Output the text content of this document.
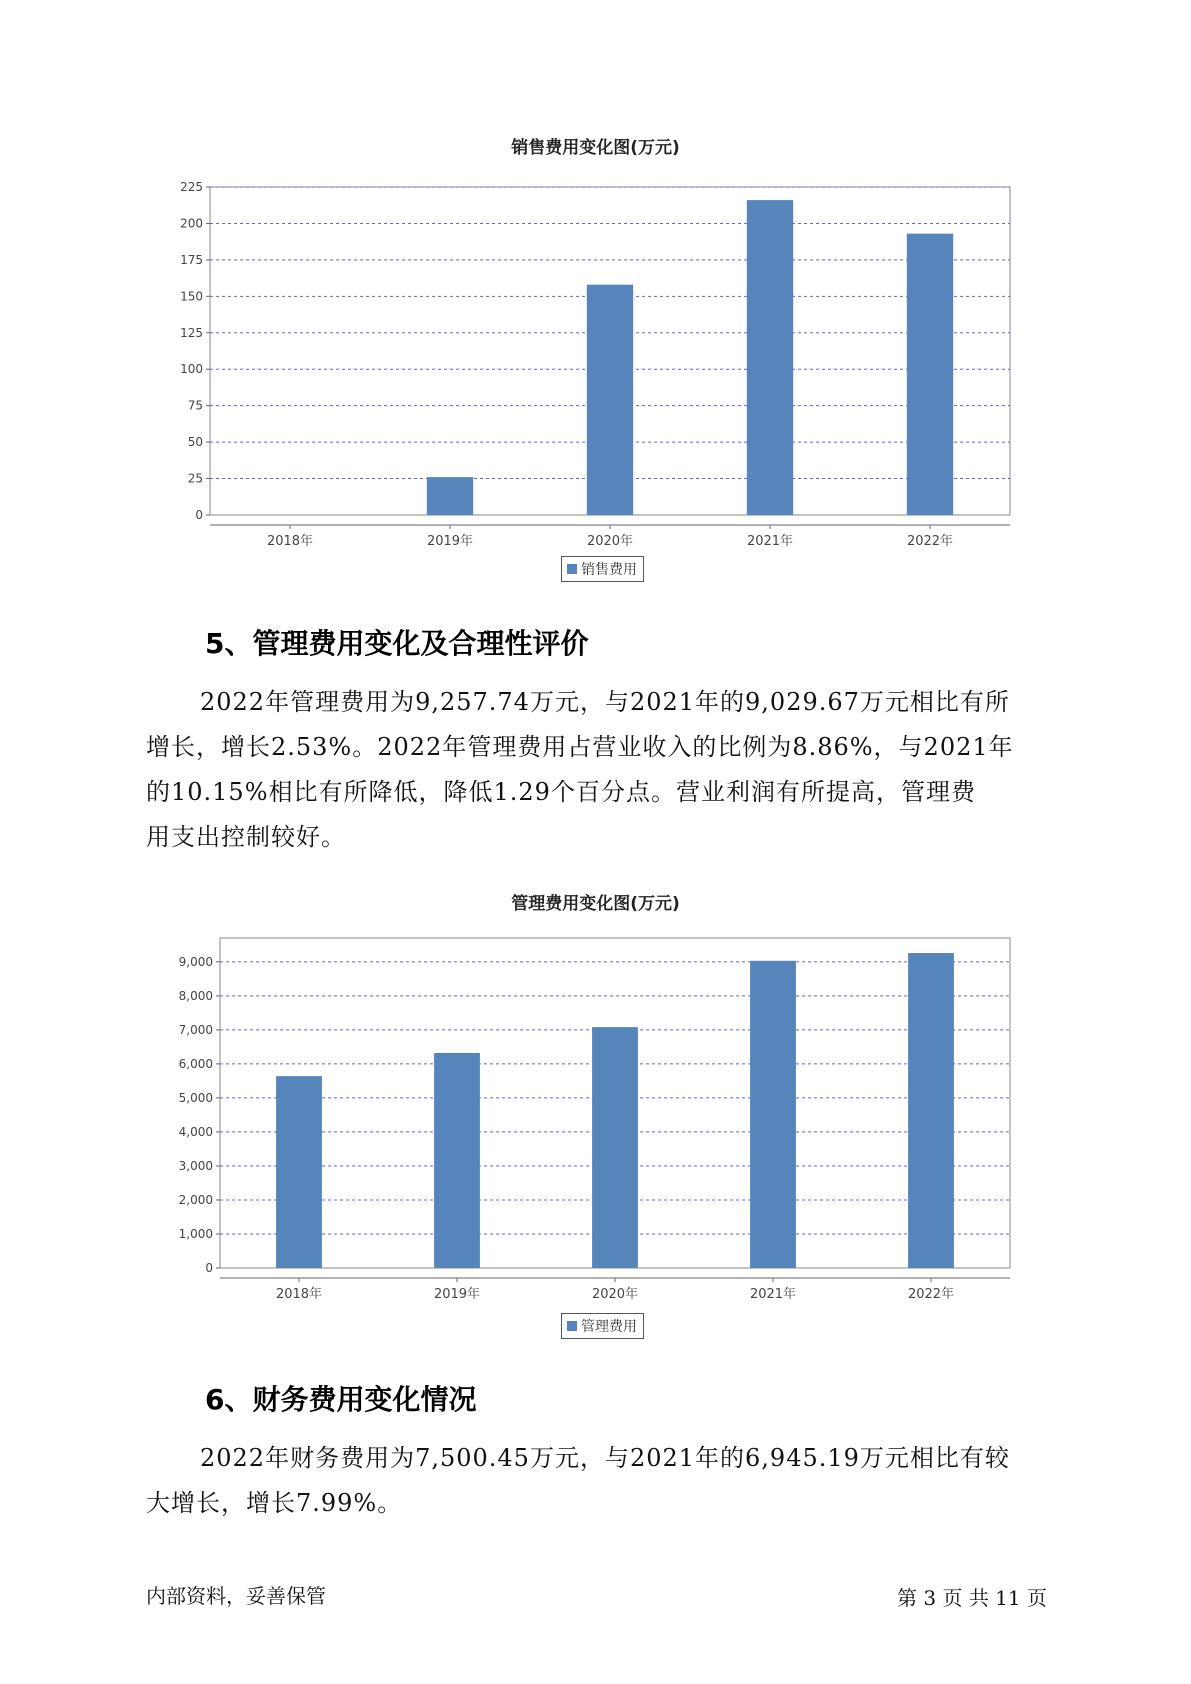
销售费用变化图(万元)
0
25
50
75
100
125
150
175
200
225
2018年	2019年	2020年	2021年	2022年
销售费用
5、管理费用变化及合理性评价
2022年管理费用为9,257.74万元，与2021年的9,029.67万元相比有所
增长，增长2.53%。2022年管理费用占营业收入的比例为8.86%，与2021年
的10.15%相比有所降低，降低1.29个百分点。营业利润有所提高，管理费
用支出控制较好。
管理费用变化图(万元)
0
1,000
2,000
3,000
4,000
5,000
6,000
7,000
8,000
9,000
2018年	2019年	2020年	2021年	2022年
管理费用
6、财务费用变化情况
2022年财务费用为7,500.45万元，与2021年的6,945.19万元相比有较
大增长，增长7.99%。
内部资料，妥善保管	第 3 页 共 11 页
